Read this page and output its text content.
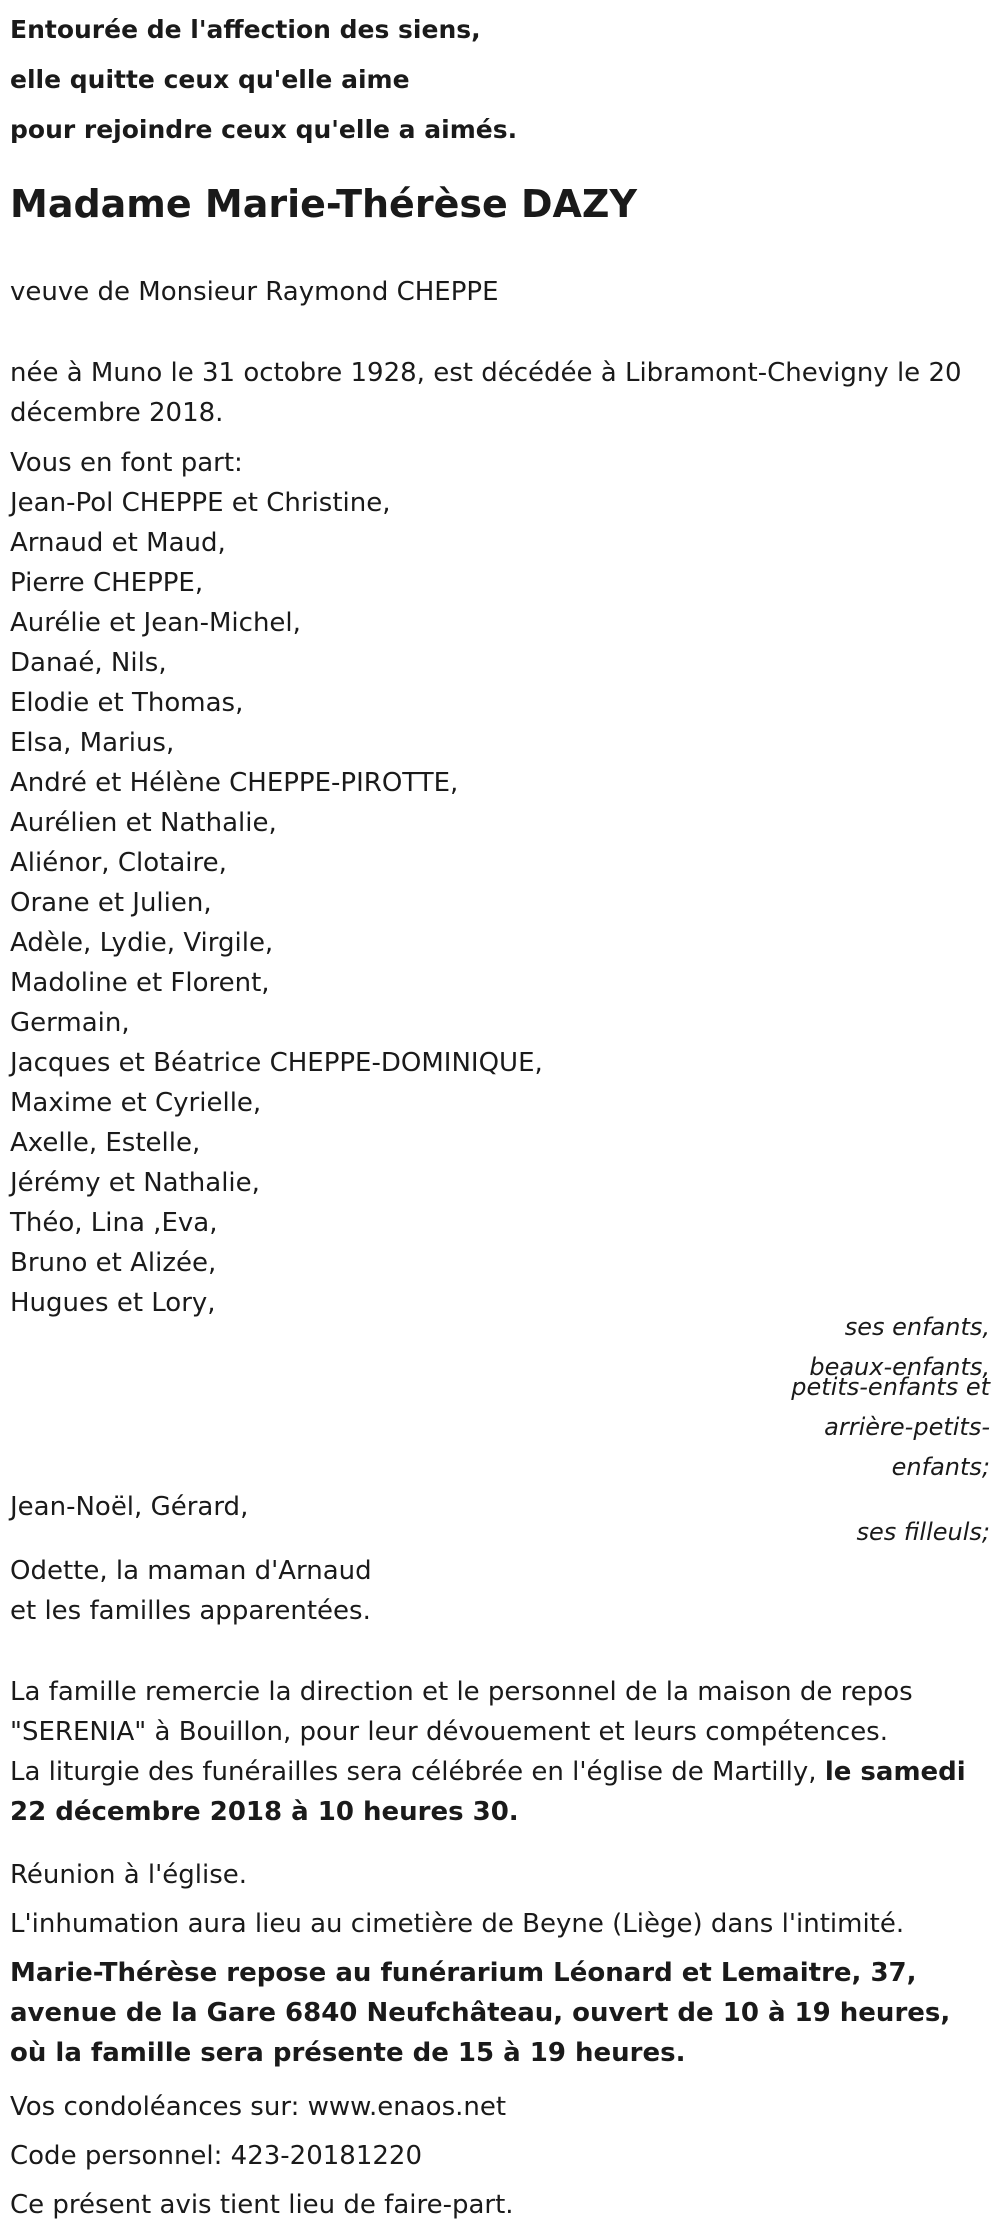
Entourée de l'affection des siens,
elle quitte ceux qu'elle aime
pour rejoindre ceux qu'elle a aimés.
Madame Marie-Thérèse DAZY
veuve de Monsieur Raymond CHEPPE
née à Muno le 31 octobre 1928, est décédée à Libramont-Chevigny le 20 décembre 2018.
Vous en font part:
Jean-Pol CHEPPE et Christine,
Arnaud et Maud,
Pierre CHEPPE,
Aurélie et Jean-Michel,
Danaé, Nils,
Elodie et Thomas,
Elsa, Marius,
André et Hélène CHEPPE-PIROTTE,
Aurélien et Nathalie,
Aliénor, Clotaire,
Orane et Julien,
Adèle, Lydie, Virgile,
Madoline et Florent,
Germain,
Jacques et Béatrice CHEPPE-DOMINIQUE,
Maxime et Cyrielle,
Axelle, Estelle,
Jérémy et Nathalie,
Théo, Lina ,Eva,
Bruno et Alizée,
Hugues et Lory,
ses enfants, beaux-enfants,
petits-enfants et arrière-petits-enfants;
Jean-Noël, Gérard,
ses filleuls;
Odette, la maman d'Arnaud
et les familles apparentées.
La famille remercie la direction et le personnel de la maison de repos "SERENIA" à Bouillon, pour leur dévouement et leurs compétences.
La liturgie des funérailles sera célébrée en l'église de Martilly, le samedi 22 décembre 2018 à 10 heures 30.
Réunion à l'église.
L'inhumation aura lieu au cimetière de Beyne (Liège) dans l'intimité.
Marie-Thérèse repose au funérarium Léonard et Lemaitre, 37, avenue de la Gare 6840 Neufchâteau, ouvert de 10 à 19 heures, où la famille sera présente de 15 à 19 heures.
Vos condoléances sur: www.enaos.net
Code personnel: 423-20181220
Ce présent avis tient lieu de faire-part.
